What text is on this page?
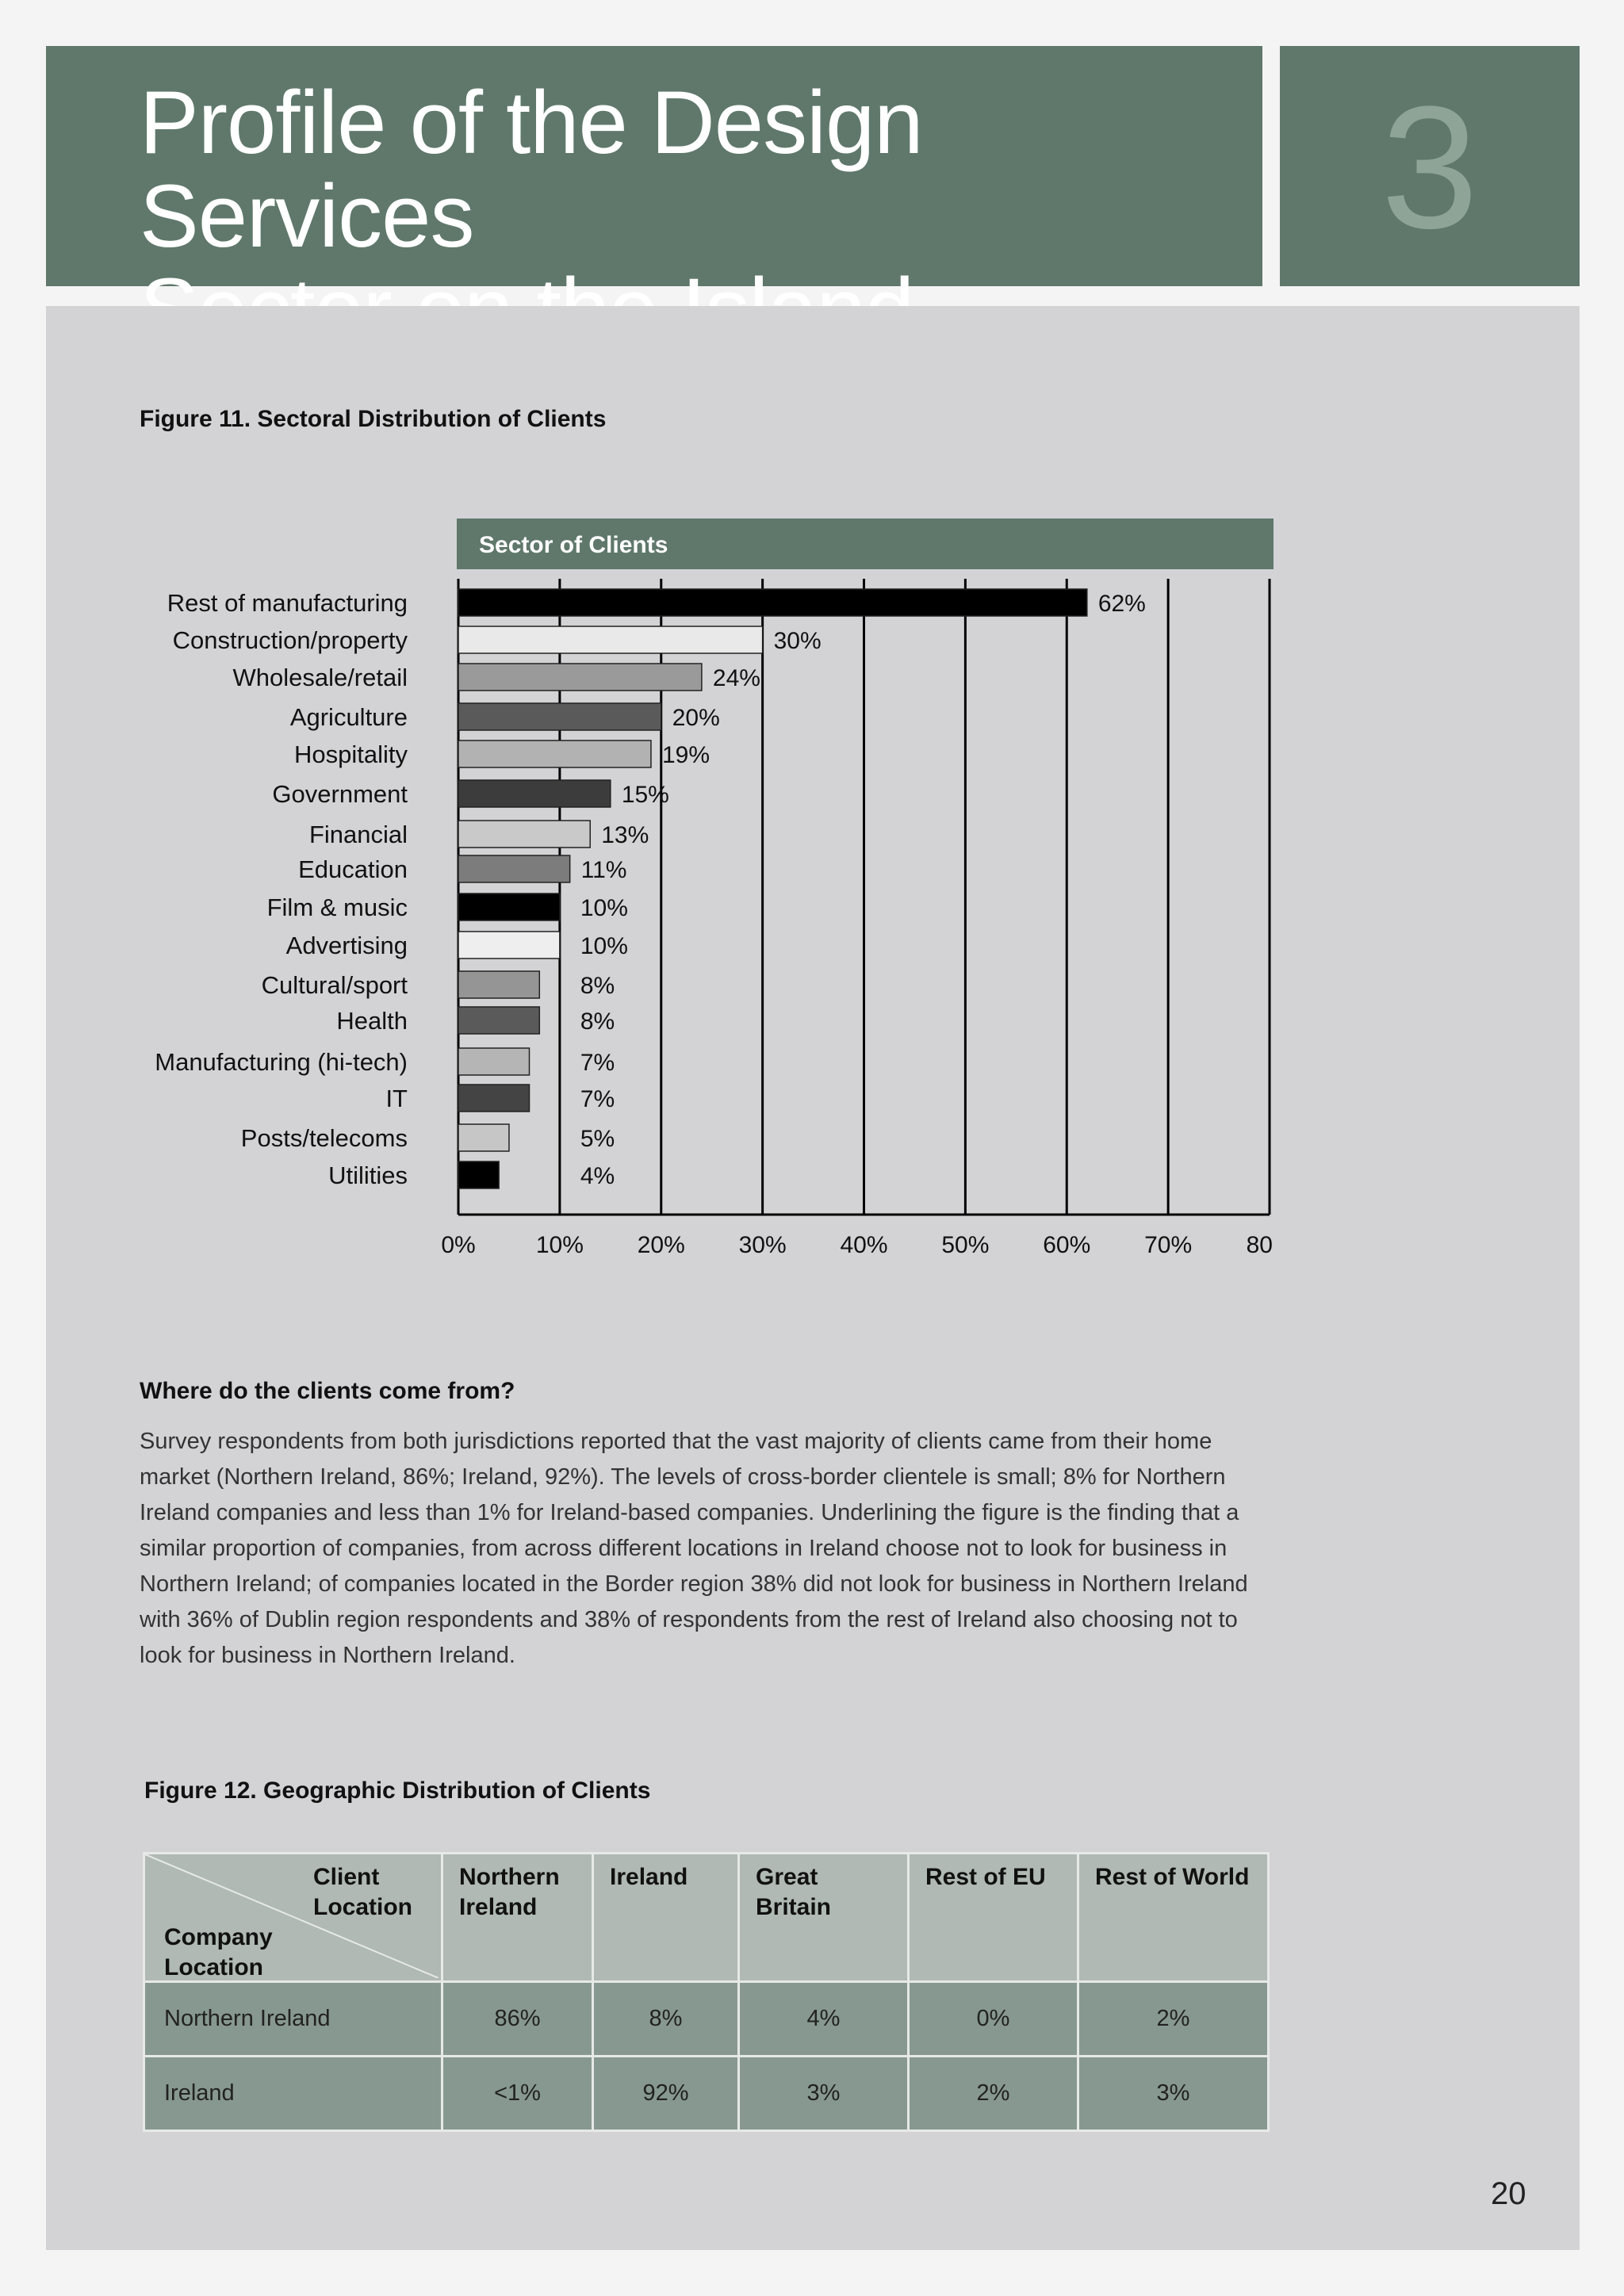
Profile of the Design Services	3
Figure 11. Sectoral Distribution of Clients
Sector of Clients
Rest of manufacturing	62%
Construction/property	30%
Wholesale/retail	24%
Agriculture	20%
Hospitality	19%
Government	15%
Financial	13%
Education	11%
Film & music	10%
Advertising	10%
Cultural/sport	8%
Health	8%
Manufacturing (hi-tech)	7%
IT	7%
Posts/telecoms	5%
Utilities	4%
0%	10% 20% 30% 40% 50% 60% 70% 80
Where do the clients come from?
Survey respondents from both jurisdictions reported that the vast majority of clients came from their home market (Northern Ireland, 86%; Ireland, 92%). The levels of cross-border clientele is small; 8% for Northern Ireland companies and less than 1% for Ireland-based companies. Underlining the figure is the finding that a similar proportion of companies, from across different locations in Ireland choose not to look for business in Northern Ireland; of companies located in the Border region 38% did not look for business in Northern Ireland with 36% of Dublin region respondents and 38% of respondents from the rest of Ireland also choosing not to look for business in Northern Ireland.
Figure 12. Geographic Distribution of Clients
Client Location
Company Location	Northern Ireland	Ireland	Great Britain	Rest of EU	Rest of World
Northern Ireland	86%	8%	4%	0%	2%
Ireland	<1%	92%	3%	2%	3%
20
